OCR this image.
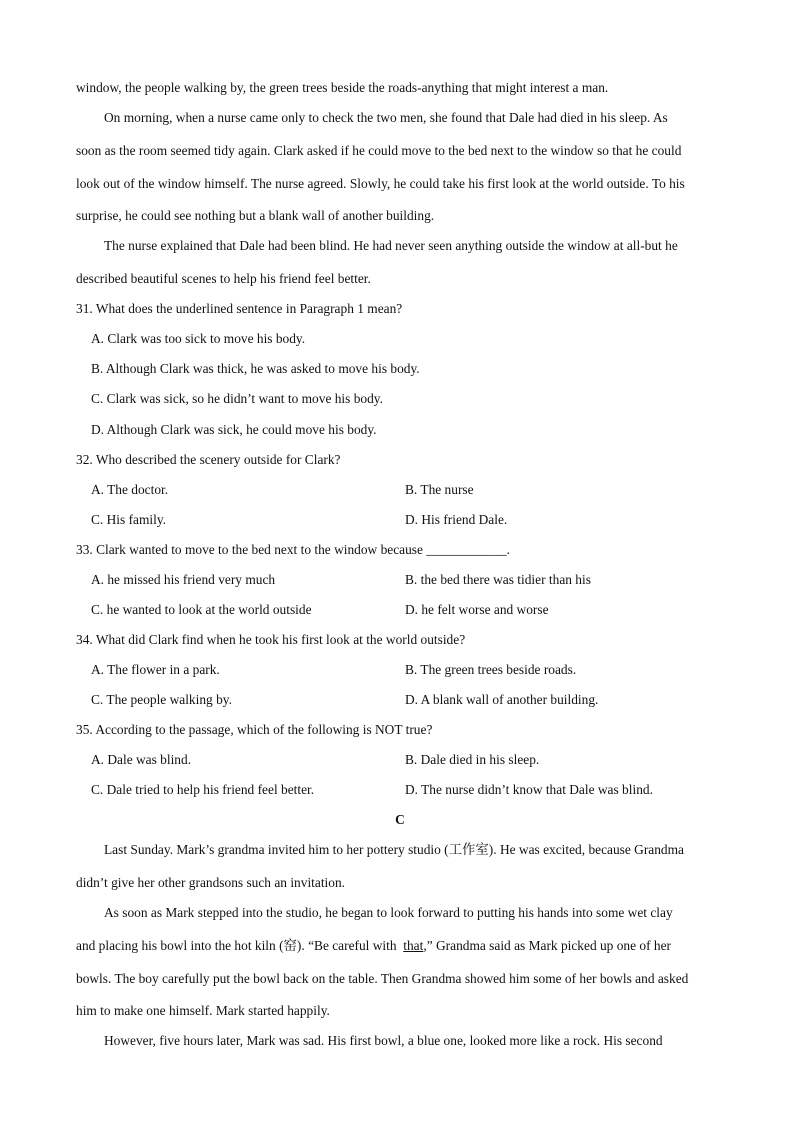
window, the people walking by, the green trees beside the roads-anything that might interest a man.
On morning, when a nurse came only to check the two men, she found that Dale had died in his sleep. As
soon as the room seemed tidy again. Clark asked if he could move to the bed next to the window so that he could
look out of the window himself. The nurse agreed. Slowly, he could take his first look at the world outside. To his
surprise, he could see nothing but a blank wall of another building.
The nurse explained that Dale had been blind. He had never seen anything outside the window at all-but he
described beautiful scenes to help his friend feel better.
31. What does the underlined sentence in Paragraph 1 mean?
A. Clark was too sick to move his body.
B. Although Clark was thick, he was asked to move his body.
C. Clark was sick, so he didn’t want to move his body.
D. Although Clark was sick, he could move his body.
32. Who described the scenery outside for Clark?
A. The doctor.	B. The nurse
C. His family.	D. His friend Dale.
33. Clark wanted to move to the bed next to the window because ____________.
A. he missed his friend very much	B. the bed there was tidier than his
C. he wanted to look at the world outside	D. he felt worse and worse
34. What did Clark find when he took his first look at the world outside?
A. The flower in a park.	B. The green trees beside roads.
C. The people walking by.	D. A blank wall of another building.
35. According to the passage, which of the following is NOT true?
A. Dale was blind.	B. Dale died in his sleep.
C. Dale tried to help his friend feel better.	D. The nurse didn’t know that Dale was blind.
C
Last Sunday. Mark’s grandma invited him to her pottery studio (工作室). He was excited, because Grandma
didn’t give her other grandsons such an invitation.
As soon as Mark stepped into the studio, he began to look forward to putting his hands into some wet clay
and placing his bowl into the hot kiln (窑). “Be careful with  that,” Grandma said as Mark picked up one of her
bowls. The boy carefully put the bowl back on the table. Then Grandma showed him some of her bowls and asked
him to make one himself. Mark started happily.
However, five hours later, Mark was sad. His first bowl, a blue one, looked more like a rock. His second
